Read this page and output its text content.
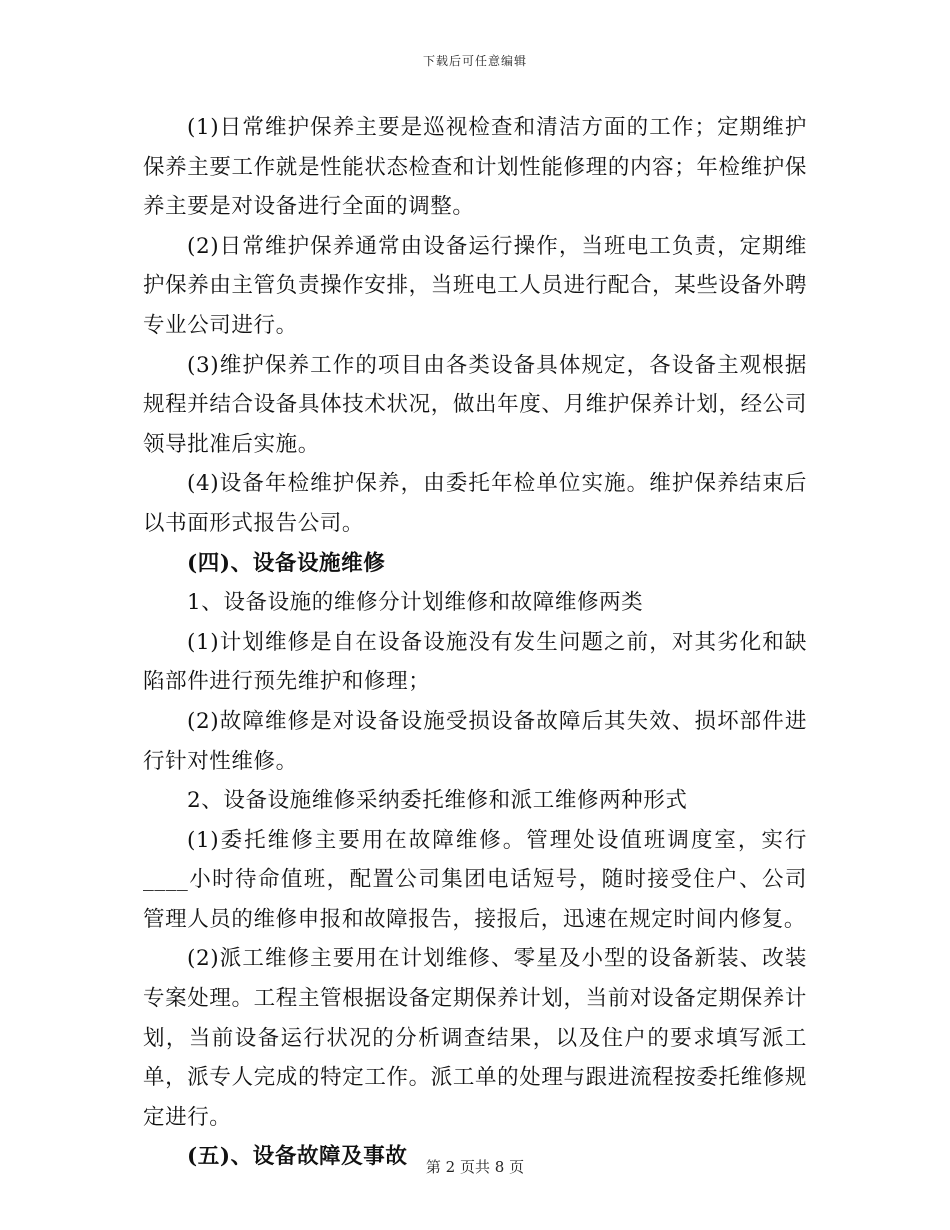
下载后可任意编辑

(1)日常维护保养主要是巡视检查和清洁方面的工作；定期维护保养主要工作就是性能状态检查和计划性能修理的内容；年检维护保养主要是对设备进行全面的调整。

(2)日常维护保养通常由设备运行操作，当班电工负责，定期维护保养由主管负责操作安排，当班电工人员进行配合，某些设备外聘专业公司进行。

(3)维护保养工作的项目由各类设备具体规定，各设备主观根据规程并结合设备具体技术状况，做出年度、月维护保养计划，经公司领导批准后实施。

(4)设备年检维护保养，由委托年检单位实施。维护保养结束后以书面形式报告公司。

(四)、设备设施维修

1、设备设施的维修分计划维修和故障维修两类

(1)计划维修是自在设备设施没有发生问题之前，对其劣化和缺陷部件进行预先维护和修理；

(2)故障维修是对设备设施受损设备故障后其失效、损坏部件进行针对性维修。

2、设备设施维修采纳委托维修和派工维修两种形式

(1)委托维修主要用在故障维修。管理处设值班调度室，实行____小时待命值班，配置公司集团电话短号，随时接受住户、公司管理人员的维修申报和故障报告，接报后，迅速在规定时间内修复。

(2)派工维修主要用在计划维修、零星及小型的设备新装、改装专案处理。工程主管根据设备定期保养计划，当前对设备定期保养计划，当前设备运行状况的分析调查结果，以及住户的要求填写派工单，派专人完成的特定工作。派工单的处理与跟进流程按委托维修规定进行。

(五)、设备故障及事故	第 2 页共 8 页
